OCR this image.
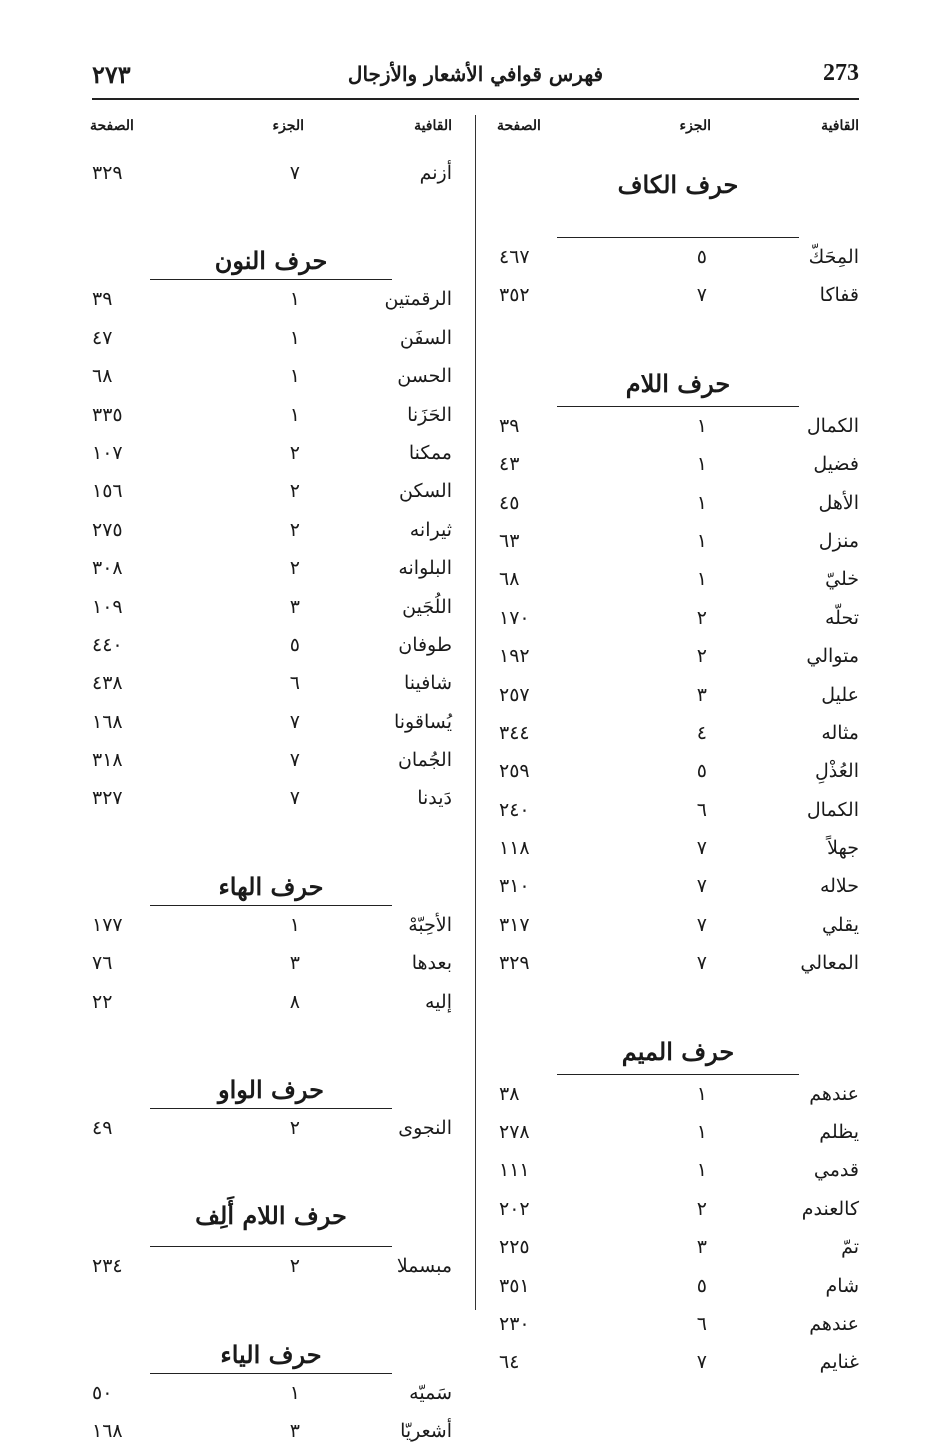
273
فهرس قوافي الأشعار والأزجال
٢٧٣
القافية
الجزء
الصفحة
حرف الكاف
المِحَكّ
٥
٤٦٧
قفاكا
٧
٣٥٢
حرف اللام
الكمال
١
٣٩
فضيل
١
٤٣
الأهل
١
٤٥
منزل
١
٦٣
خليّ
١
٦٨
تحلّه
٢
١٧٠
متوالي
٢
١٩٢
عليل
٣
٢٥٧
مثاله
٤
٣٤٤
العُذْلِ
٥
٢٥٩
الكمال
٦
٢٤٠
جهلاً
٧
١١٨
حلاله
٧
٣١٠
يقلي
٧
٣١٧
المعالي
٧
٣٢٩
حرف الميم
عندهم
١
٣٨
يظلم
١
٢٧٨
قدمي
١
١١١
كالعندم
٢
٢٠٢
تمّ
٣
٢٢٥
شام
٥
٣٥١
عندهم
٦
٢٣٠
غنايم
٧
٦٤
القافية
الجزء
الصفحة
أزنم
٧
٣٢٩
حرف النون
الرقمتين
١
٣٩
السفَن
١
٤٧
الحسن
١
٦٨
الحَزَنا
١
٣٣٥
ممكنا
٢
١٠٧
السكن
٢
١٥٦
ثيرانه
٢
٢٧٥
البلوانه
٢
٣٠٨
اللُجَين
٣
١٠٩
طوفان
٥
٤٤٠
شافينا
٦
٤٣٨
يُساقونا
٧
١٦٨
الجُمان
٧
٣١٨
دَيدنا
٧
٣٢٧
حرف الهاء
الأحِبّهْ
١
١٧٧
بعدها
٣
٧٦
إليه
٨
٢٢
حرف الواو
النجوى
٢
٤٩
حرف اللام أَلِف
مبسملا
٢
٢٣٤
حرف الياء
سَميّه
١
٥٠
أشعريّا
٣
١٦٨
